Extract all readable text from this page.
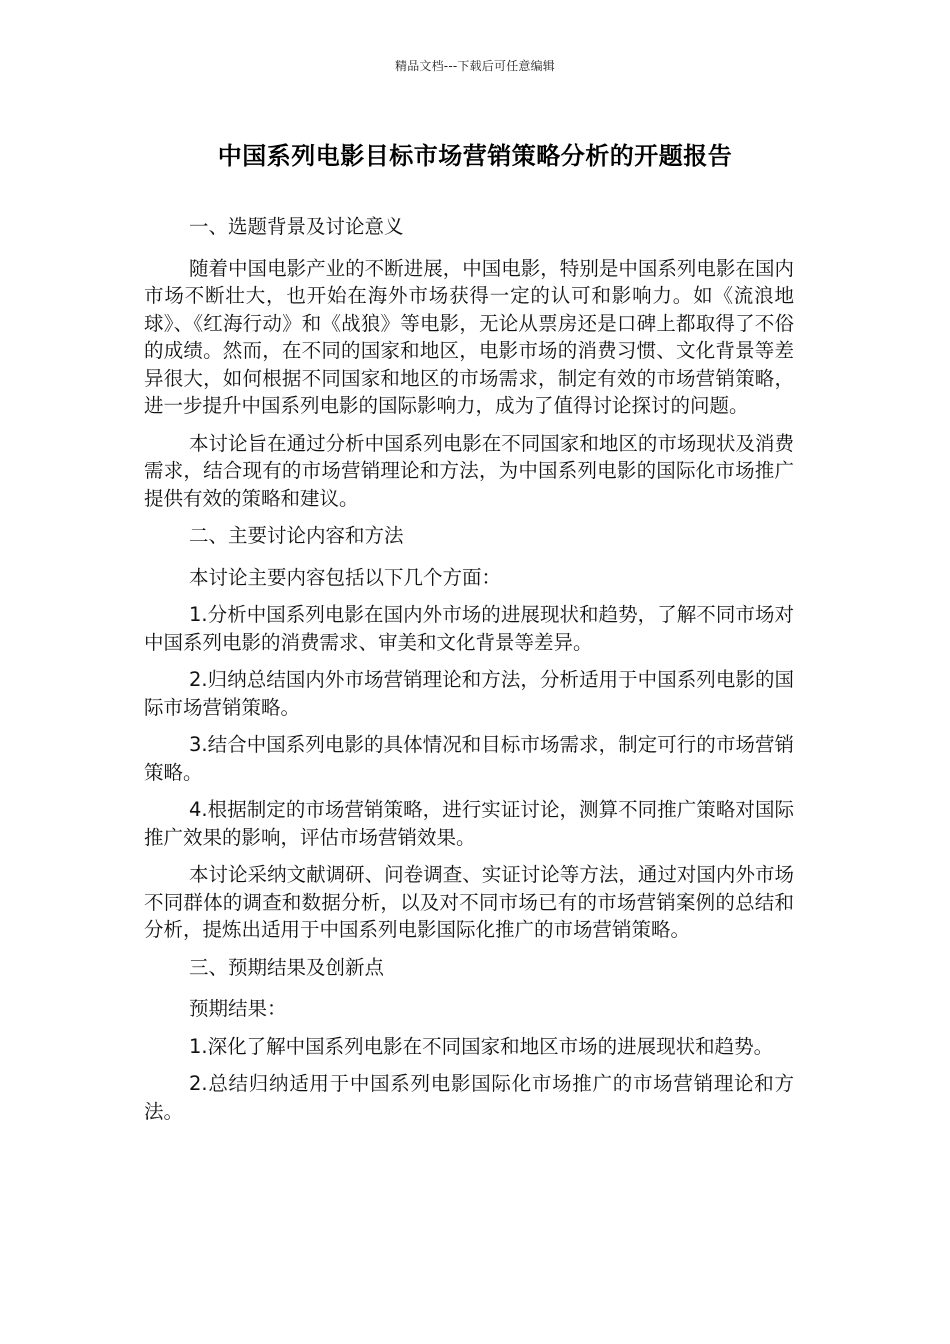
精品文档---下载后可任意编辑
中国系列电影目标市场营销策略分析的开题报告

一、选题背景及讨论意义

随着中国电影产业的不断进展，中国电影，特别是中国系列电影在国内市场不断壮大，也开始在海外市场获得一定的认可和影响力。如《流浪地球》、《红海行动》和《战狼》等电影，无论从票房还是口碑上都取得了不俗的成绩。然而，在不同的国家和地区，电影市场的消费习惯、文化背景等差异很大，如何根据不同国家和地区的市场需求，制定有效的市场营销策略，进一步提升中国系列电影的国际影响力，成为了值得讨论探讨的问题。

本讨论旨在通过分析中国系列电影在不同国家和地区的市场现状及消费需求，结合现有的市场营销理论和方法，为中国系列电影的国际化市场推广提供有效的策略和建议。

二、主要讨论内容和方法

本讨论主要内容包括以下几个方面：

1.分析中国系列电影在国内外市场的进展现状和趋势，了解不同市场对中国系列电影的消费需求、审美和文化背景等差异。

2.归纳总结国内外市场营销理论和方法，分析适用于中国系列电影的国际市场营销策略。

3.结合中国系列电影的具体情况和目标市场需求，制定可行的市场营销策略。

4.根据制定的市场营销策略，进行实证讨论，测算不同推广策略对国际推广效果的影响，评估市场营销效果。

本讨论采纳文献调研、问卷调查、实证讨论等方法，通过对国内外市场不同群体的调查和数据分析，以及对不同市场已有的市场营销案例的总结和分析，提炼出适用于中国系列电影国际化推广的市场营销策略。

三、预期结果及创新点

预期结果：

1.深化了解中国系列电影在不同国家和地区市场的进展现状和趋势。

2.总结归纳适用于中国系列电影国际化市场推广的市场营销理论和方法。
